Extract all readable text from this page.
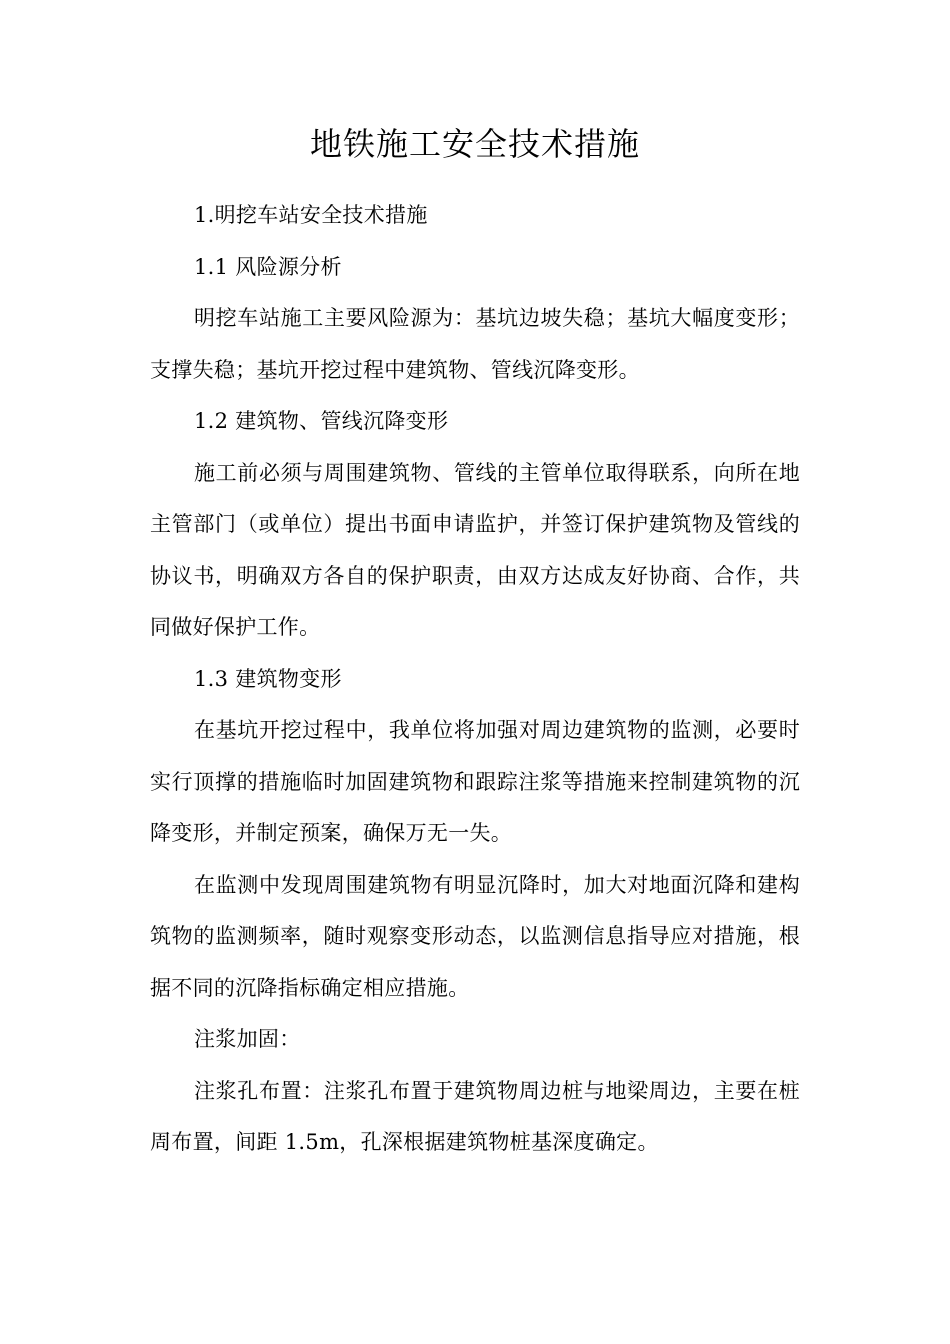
地铁施工安全技术措施

1.明挖车站安全技术措施

1.1 风险源分析

明挖车站施工主要风险源为：基坑边坡失稳；基坑大幅度变形；支撑失稳；基坑开挖过程中建筑物、管线沉降变形。

1.2 建筑物、管线沉降变形

施工前必须与周围建筑物、管线的主管单位取得联系，向所在地主管部门（或单位）提出书面申请监护，并签订保护建筑物及管线的协议书，明确双方各自的保护职责，由双方达成友好协商、合作，共同做好保护工作。

1.3 建筑物变形

在基坑开挖过程中，我单位将加强对周边建筑物的监测，必要时实行顶撑的措施临时加固建筑物和跟踪注浆等措施来控制建筑物的沉降变形，并制定预案，确保万无一失。

在监测中发现周围建筑物有明显沉降时，加大对地面沉降和建构筑物的监测频率，随时观察变形动态，以监测信息指导应对措施，根据不同的沉降指标确定相应措施。

注浆加固：

注浆孔布置：注浆孔布置于建筑物周边桩与地梁周边，主要在桩周布置，间距 1.5m，孔深根据建筑物桩基深度确定。
